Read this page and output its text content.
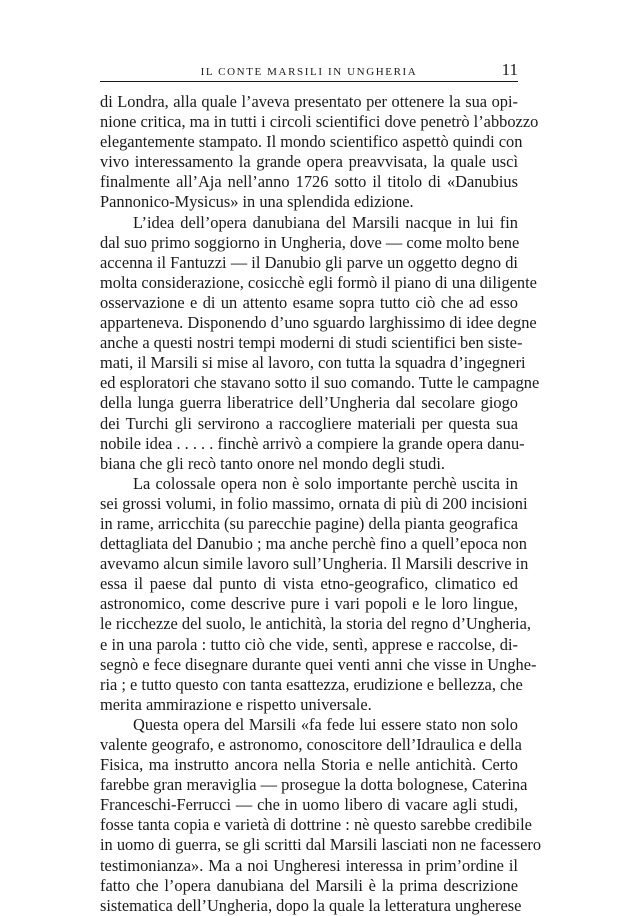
IL CONTE MARSILI IN UNGHERIA	11
di Londra, alla quale l’aveva presentato per ottenere la sua opi-
nione critica, ma in tutti i circoli scientifici dove penetrò l’abbozzo
elegantemente stampato. Il mondo scientifico aspettò quindi con
vivo interessamento la grande opera preavvisata, la quale uscì
finalmente all’Aja nell’anno 1726 sotto il titolo di «Danubius
Pannonico-Mysicus» in una splendida edizione.
L’idea dell’opera danubiana del Marsili nacque in lui fin
dal suo primo soggiorno in Ungheria, dove — come molto bene
accenna il Fantuzzi — il Danubio gli parve un oggetto degno di
molta considerazione, cosicchè egli formò il piano di una diligente
osservazione e di un attento esame sopra tutto ciò che ad esso
apparteneva. Disponendo d’uno sguardo larghissimo di idee degne
anche a questi nostri tempi moderni di studi scientifici ben siste-
mati, il Marsili si mise al lavoro, con tutta la squadra d’ingegneri
ed esploratori che stavano sotto il suo comando. Tutte le campagne
della lunga guerra liberatrice dell’Ungheria dal secolare giogo
dei Turchi gli servirono a raccogliere materiali per questa sua
nobile idea . . . . . finchè arrivò a compiere la grande opera danu-
biana che gli recò tanto onore nel mondo degli studi.
La colossale opera non è solo importante perchè uscita in
sei grossi volumi, in folio massimo, ornata di più di 200 incisioni
in rame, arricchita (su parecchie pagine) della pianta geografica
dettagliata del Danubio ; ma anche perchè fino a quell’epoca non
avevamo alcun simile lavoro sull’Ungheria. Il Marsili descrive in
essa il paese dal punto di vista etno-geografico, climatico ed
astronomico, come descrive pure i vari popoli e le loro lingue,
le ricchezze del suolo, le antichità, la storia del regno d’Ungheria,
e in una parola : tutto ciò che vide, sentì, apprese e raccolse, di-
segnò e fece disegnare durante quei venti anni che visse in Unghe-
ria ; e tutto questo con tanta esattezza, erudizione e bellezza, che
merita ammirazione e rispetto universale.
Questa opera del Marsili «fa fede lui essere stato non solo
valente geografo, e astronomo, conoscitore dell’Idraulica e della
Fisica, ma instrutto ancora nella Storia e nelle antichità. Certo
farebbe gran meraviglia — prosegue la dotta bolognese, Caterina
Franceschi-Ferrucci — che in uomo libero di vacare agli studi,
fosse tanta copia e varietà di dottrine : nè questo sarebbe credibile
in uomo di guerra, se gli scritti dal Marsili lasciati non ne facessero
testimonianza». Ma a noi Ungheresi interessa in prim’ordine il
fatto che l’opera danubiana del Marsili è la prima descrizione
sistematica dell’Ungheria, dopo la quale la letteratura ungherese
